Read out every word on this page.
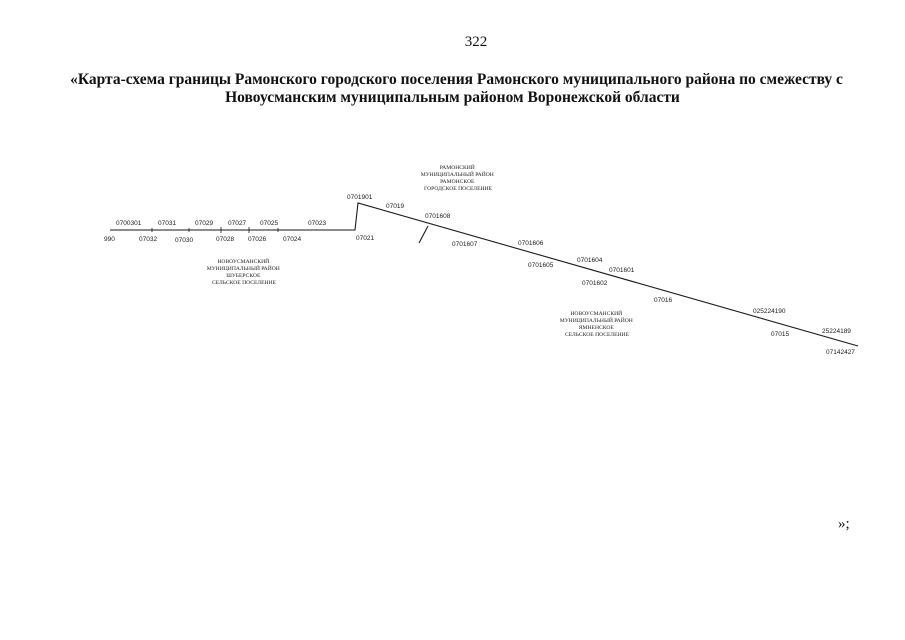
322
«Карта-схема границы Рамонского городского поселения Рамонского муниципального района по смежеству с
Новоусманским муниципальным районом Воронежской области
0700301	07031	07029 07027 07025	07023
990	07032	07030	07028 07026	07024	07021
0701901
07019
0701608
0701607	0701606
0701605
0701604
0701601
0701602
07016
025224190
07015	25224189
07142427
РАМОНСКИЙ МУНИЦИПАЛЬНЫЙ РАЙОН РАМОНСКОЕ ГОРОДСКОЕ ПОСЕЛЕНИЕ
НОВОУСМАНСКИЙ МУНИЦИПАЛЬНЫЙ РАЙОН ШУБЕРСКОЕ СЕЛЬСКОЕ ПОСЕЛЕНИЕ
НОВОУСМАНСКИЙ МУНИЦИПАЛЬНЫЙ РАЙОН ЯМНЕНСКОЕ СЕЛЬСКОЕ ПОСЕЛЕНИЕ
»;
